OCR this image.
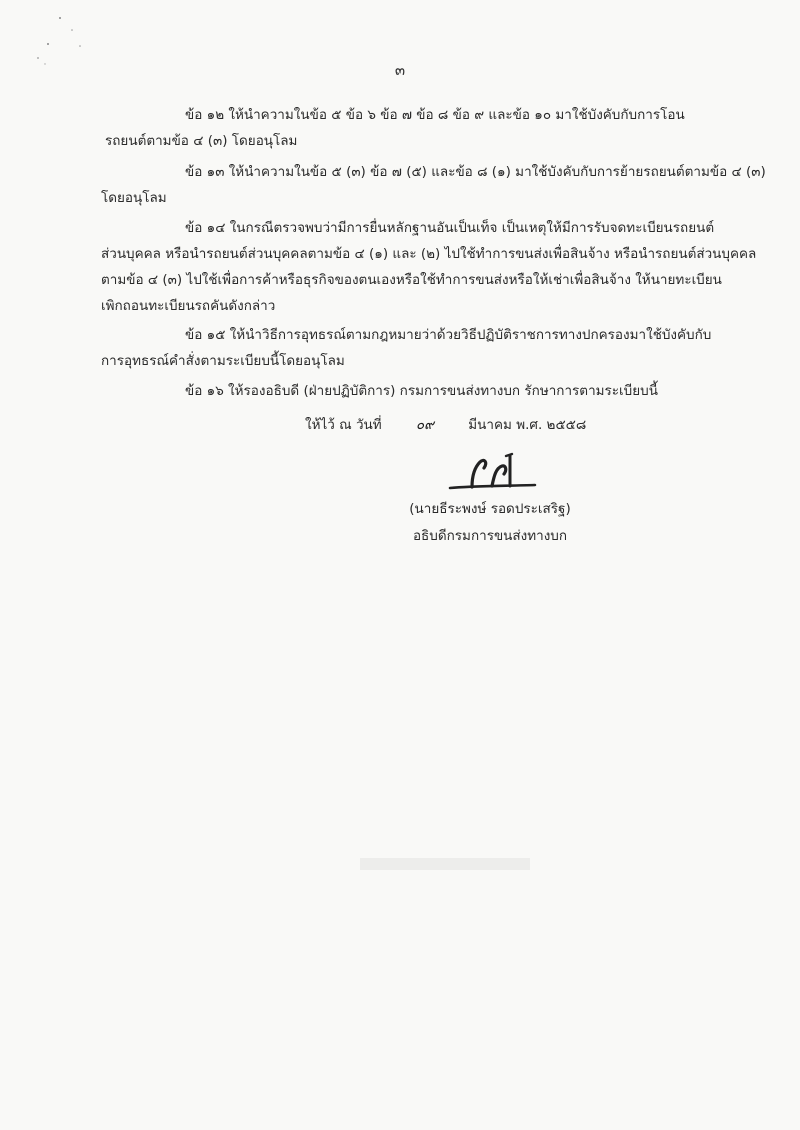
๓

ข้อ ๑๒ ให้นำความในข้อ ๕ ข้อ ๖ ข้อ ๗ ข้อ ๘ ข้อ ๙ และข้อ ๑๐ มาใช้บังคับกับการโอน
รถยนต์ตามข้อ ๔ (๓) โดยอนุโลม

ข้อ ๑๓ ให้นำความในข้อ ๕ (๓) ข้อ ๗ (๕) และข้อ ๘ (๑) มาใช้บังคับกับการย้ายรถยนต์ตามข้อ ๔ (๓)
โดยอนุโลม

ข้อ ๑๔ ในกรณีตรวจพบว่ามีการยื่นหลักฐานอันเป็นเท็จ เป็นเหตุให้มีการรับจดทะเบียนรถยนต์
ส่วนบุคคล หรือนำรถยนต์ส่วนบุคคลตามข้อ ๔ (๑) และ (๒) ไปใช้ทำการขนส่งเพื่อสินจ้าง หรือนำรถยนต์ส่วนบุคคล
ตามข้อ ๔ (๓) ไปใช้เพื่อการค้าหรือธุรกิจของตนเองหรือใช้ทำการขนส่งหรือให้เช่าเพื่อสินจ้าง ให้นายทะเบียน
เพิกถอนทะเบียนรถคันดังกล่าว

ข้อ ๑๕ ให้นำวิธีการอุทธรณ์ตามกฎหมายว่าด้วยวิธีปฏิบัติราชการทางปกครองมาใช้บังคับกับ
การอุทธรณ์คำสั่งตามระเบียบนี้โดยอนุโลม

ข้อ ๑๖ ให้รองอธิบดี (ฝ่ายปฏิบัติการ) กรมการขนส่งทางบก รักษาการตามระเบียบนี้

ให้ไว้ ณ วันที่	๐๙	มีนาคม พ.ศ. ๒๕๕๘
(นายธีระพงษ์ รอดประเสริฐ)
อธิบดีกรมการขนส่งทางบก
